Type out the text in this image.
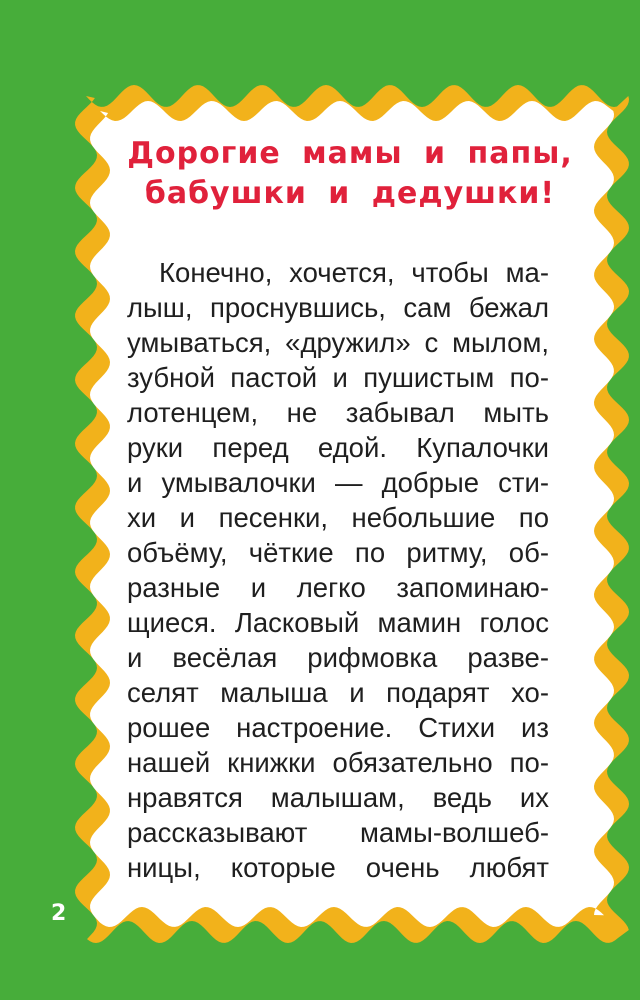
Дорогие мамы и папы,
бабушки и дедушки!
Конечно, хочется, чтобы ма-
лыш, проснувшись, сам бежал
умываться, «дружил» с мылом,
зубной пастой и пушистым по-
лотенцем, не забывал мыть
руки перед едой. Купалочки
и умывалочки — добрые сти-
хи и песенки, небольшие по
объёму, чёткие по ритму, об-
разные и легко запоминаю-
щиеся. Ласковый мамин голос
и весёлая рифмовка разве-
селят малыша и подарят хо-
рошее настроение. Стихи из
нашей книжки обязательно по-
нравятся малышам, ведь их
рассказывают мамы-волшеб-
ницы, которые очень любят
2
